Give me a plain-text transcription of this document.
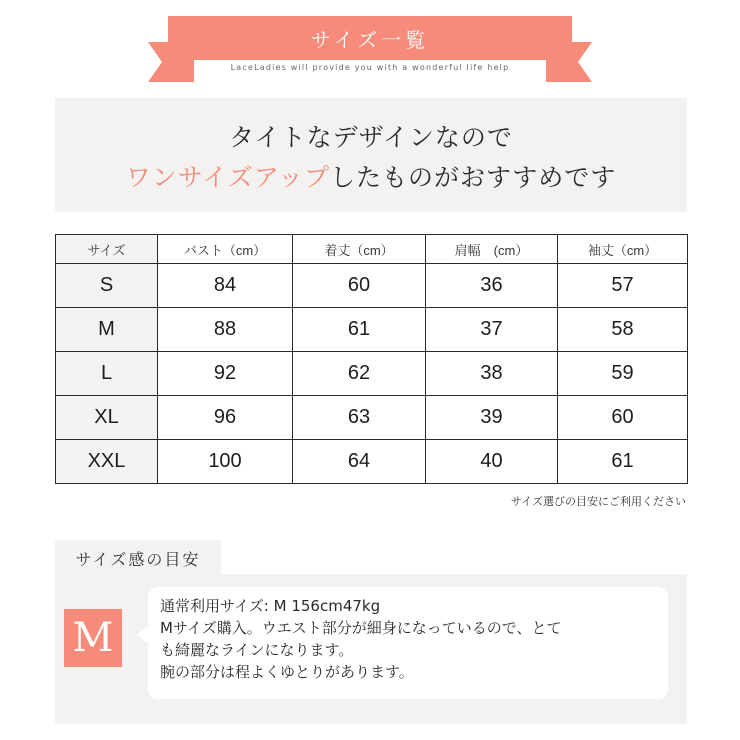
サイズ一覧
LaceLadies will provide you with a wonderful life help
タイトなデザインなので
ワンサイズアップしたものがおすすめです
サイズ	バスト（cm）	着丈（cm）	肩幅　(cm）	袖丈（cm）
S	84	60	36	57
M	88	61	37	58
L	92	62	38	59
XL	96	63	39	60
XXL	100	64	40	61
サイズ選びの目安にご利用ください
サイズ感の目安
M
通常利用サイズ: M 156cm47kg
Mサイズ購入。ウエスト部分が細身になっているので、とて
も綺麗なラインになります。
腕の部分は程よくゆとりがあります。
